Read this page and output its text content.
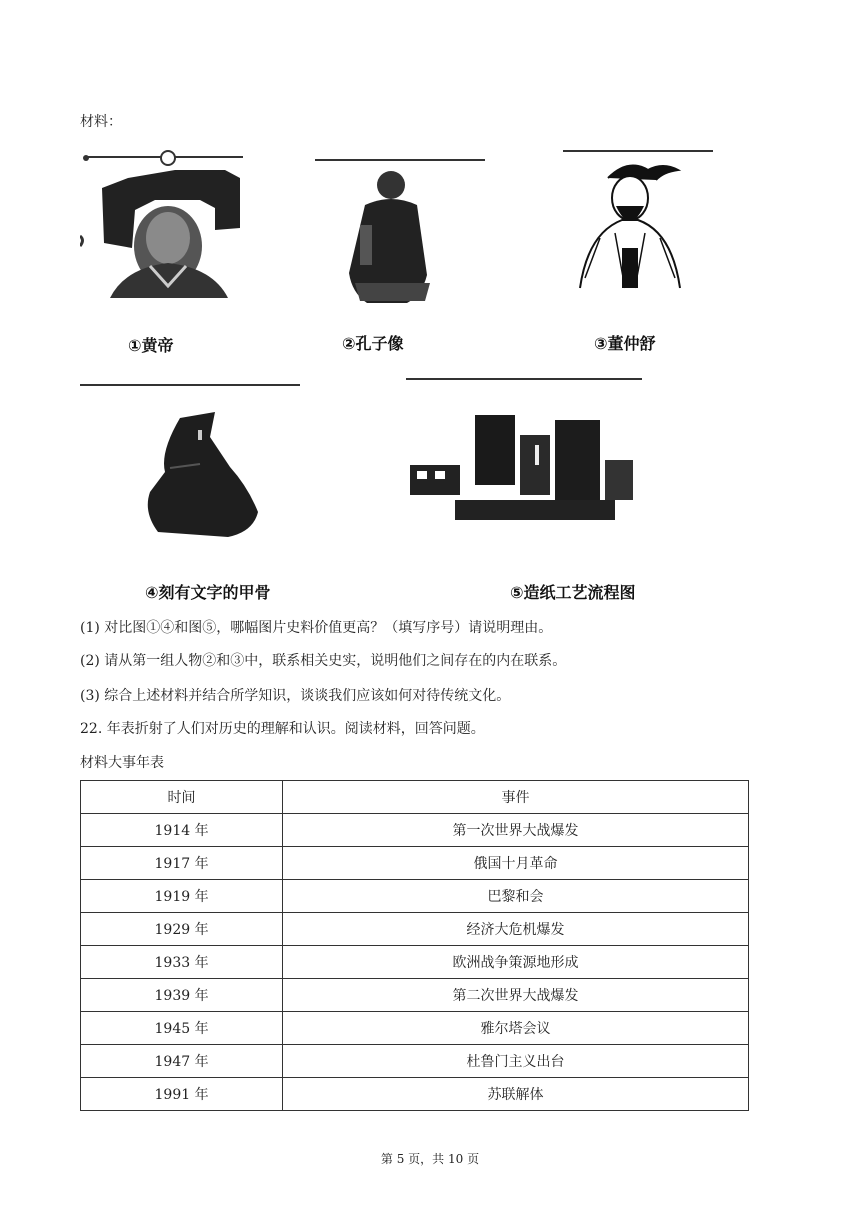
材料：
①黄帝	②孔子像	③董仲舒
④刻有文字的甲骨	⑤造纸工艺流程图
(1) 对比图①④和图⑤，哪幅图片史料价值更高？（填写序号）请说明理由。
(2) 请从第一组人物②和③中，联系相关史实，说明他们之间存在的内在联系。
(3) 综合上述材料并结合所学知识，谈谈我们应该如何对待传统文化。
22. 年表折射了人们对历史的理解和认识。阅读材料，回答问题。
材料大事年表
时间	事件
1914 年	第一次世界大战爆发
1917 年	俄国十月革命
1919 年	巴黎和会
1929 年	经济大危机爆发
1933 年	欧洲战争策源地形成
1939 年	第二次世界大战爆发
1945 年	雅尔塔会议
1947 年	杜鲁门主义出台
1991 年	苏联解体
第 5 页，共 10 页
